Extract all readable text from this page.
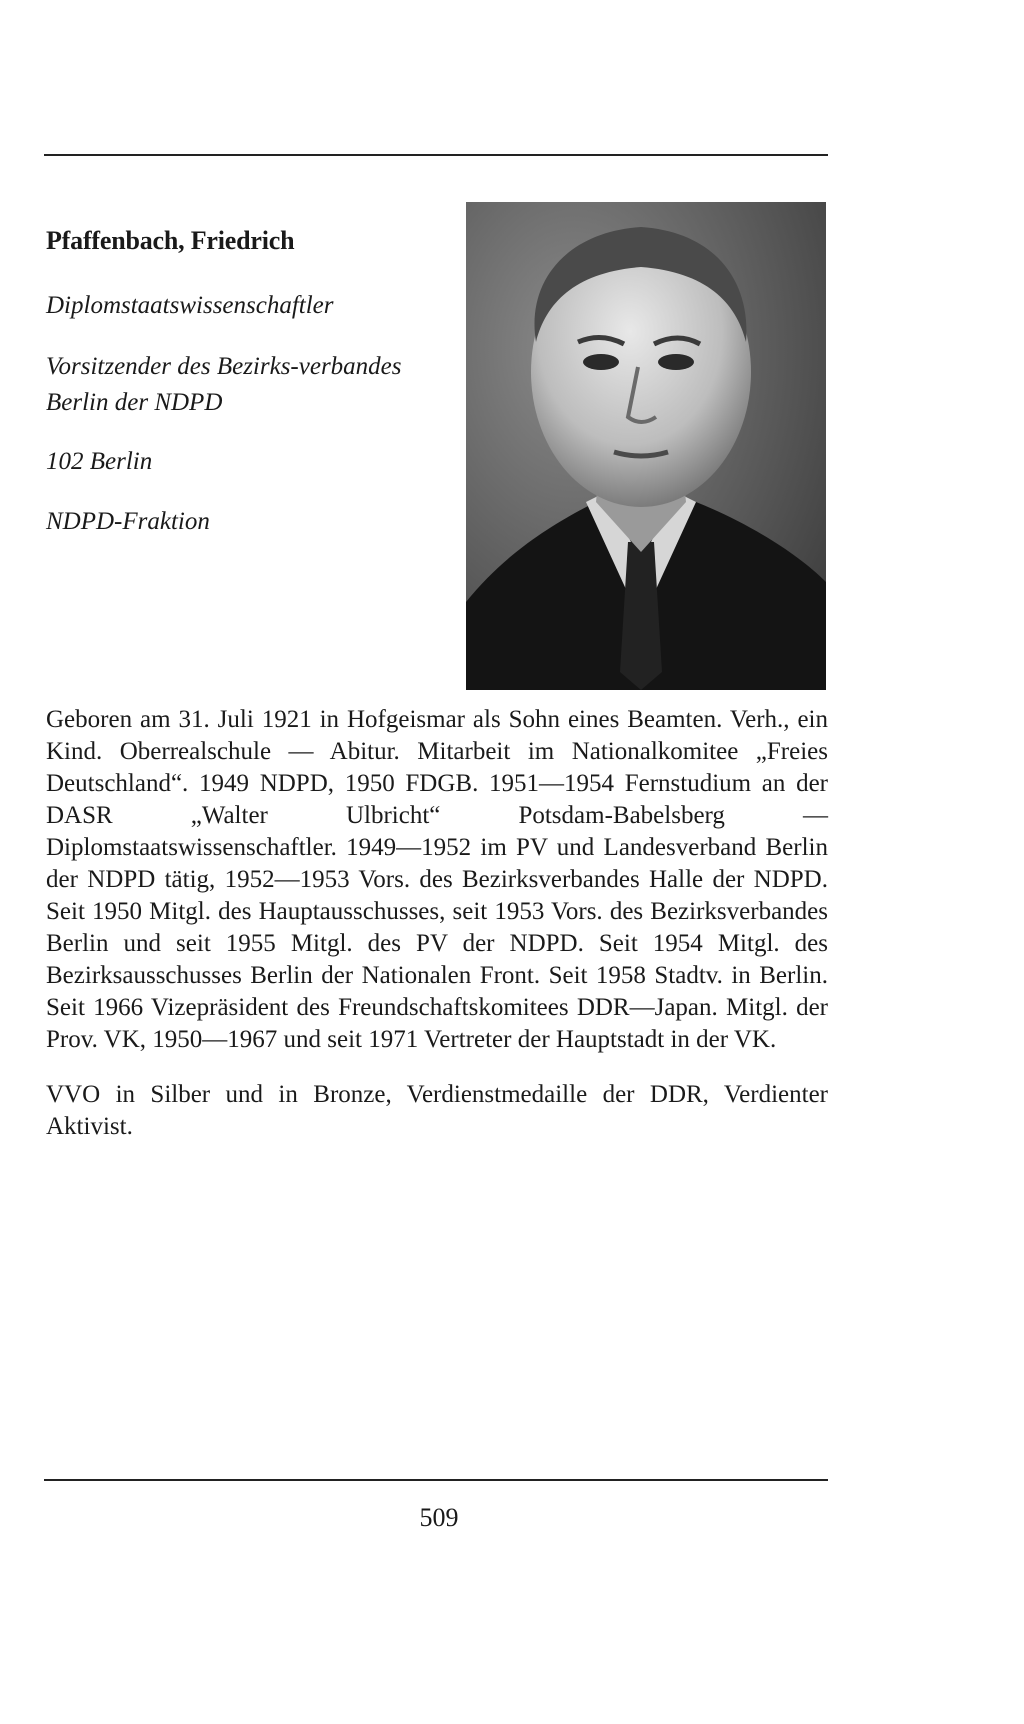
Pfaffenbach, Friedrich
Diplomstaatswissenschaftler
Vorsitzender des Bezirks-verbandes Berlin der NDPD
102 Berlin
NDPD-Fraktion

Geboren am 31. Juli 1921 in Hofgeismar als Sohn eines Beamten. Verh., ein Kind. Oberrealschule — Abitur. Mitarbeit im Nationalkomitee „Freies Deutschland“. 1949 NDPD, 1950 FDGB. 1951—1954 Fernstudium an der DASR „Walter Ulbricht“ Potsdam-Babelsberg — Diplomstaatswissenschaftler. 1949—1952 im PV und Landesverband Berlin der NDPD tätig, 1952—1953 Vors. des Bezirksverbandes Halle der NDPD. Seit 1950 Mitgl. des Hauptausschusses, seit 1953 Vors. des Bezirksverbandes Berlin und seit 1955 Mitgl. des PV der NDPD. Seit 1954 Mitgl. des Bezirksausschusses Berlin der Nationalen Front. Seit 1958 Stadtv. in Berlin. Seit 1966 Vizepräsident des Freundschaftskomitees DDR—Japan. Mitgl. der Prov. VK, 1950—1967 und seit 1971 Vertreter der Hauptstadt in der VK.

VVO in Silber und in Bronze, Verdienstmedaille der DDR, Verdienter Aktivist.
509
